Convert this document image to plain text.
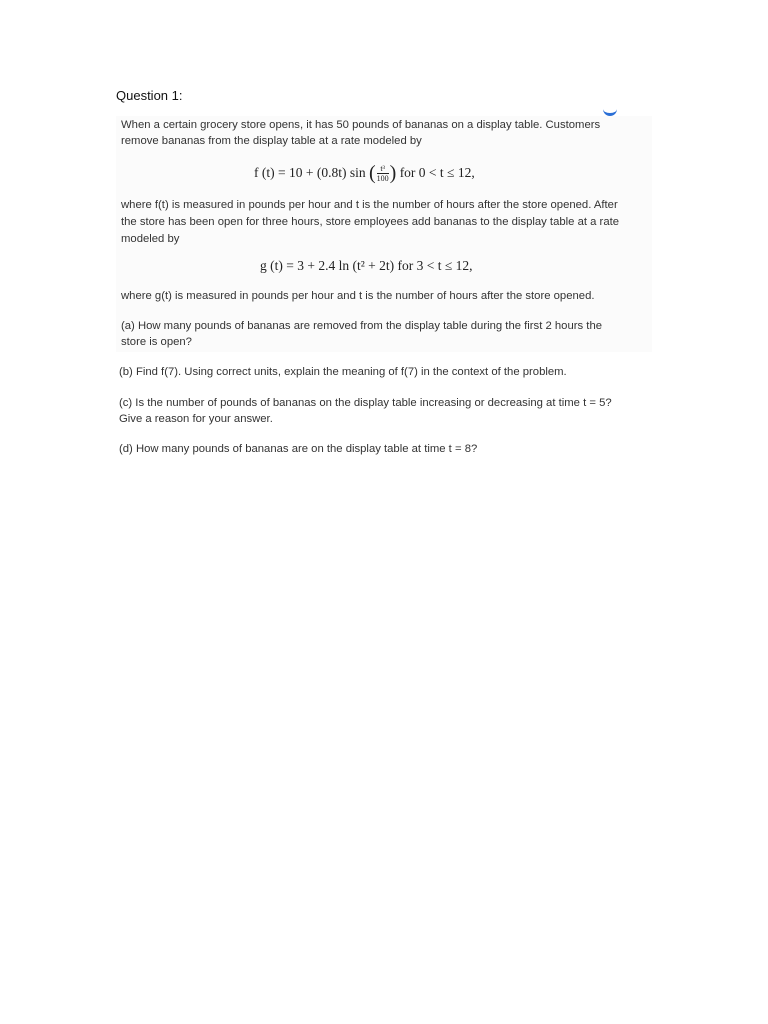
Question 1:
When a certain grocery store opens, it has 50 pounds of bananas on a display table. Customers
remove bananas from the display table at a rate modeled by
f (t) = 10 + (0.8t) sin ( $\frac{\text{t³}}{100}$ ) for 0 < t ≤ 12,
where f(t) is measured in pounds per hour and t is the number of hours after the store opened. After
the store has been open for three hours, store employees add bananas to the display table at a rate
modeled by
g (t) = 3 + 2.4 ln (t² + 2t) for 3 < t ≤ 12,
where g(t) is measured in pounds per hour and t is the number of hours after the store opened.
(a) How many pounds of bananas are removed from the display table during the first 2 hours the
store is open?
(b) Find f(7). Using correct units, explain the meaning of f(7) in the context of the problem.
(c) Is the number of pounds of bananas on the display table increasing or decreasing at time t = 5?
Give a reason for your answer.
(d) How many pounds of bananas are on the display table at time t = 8?
